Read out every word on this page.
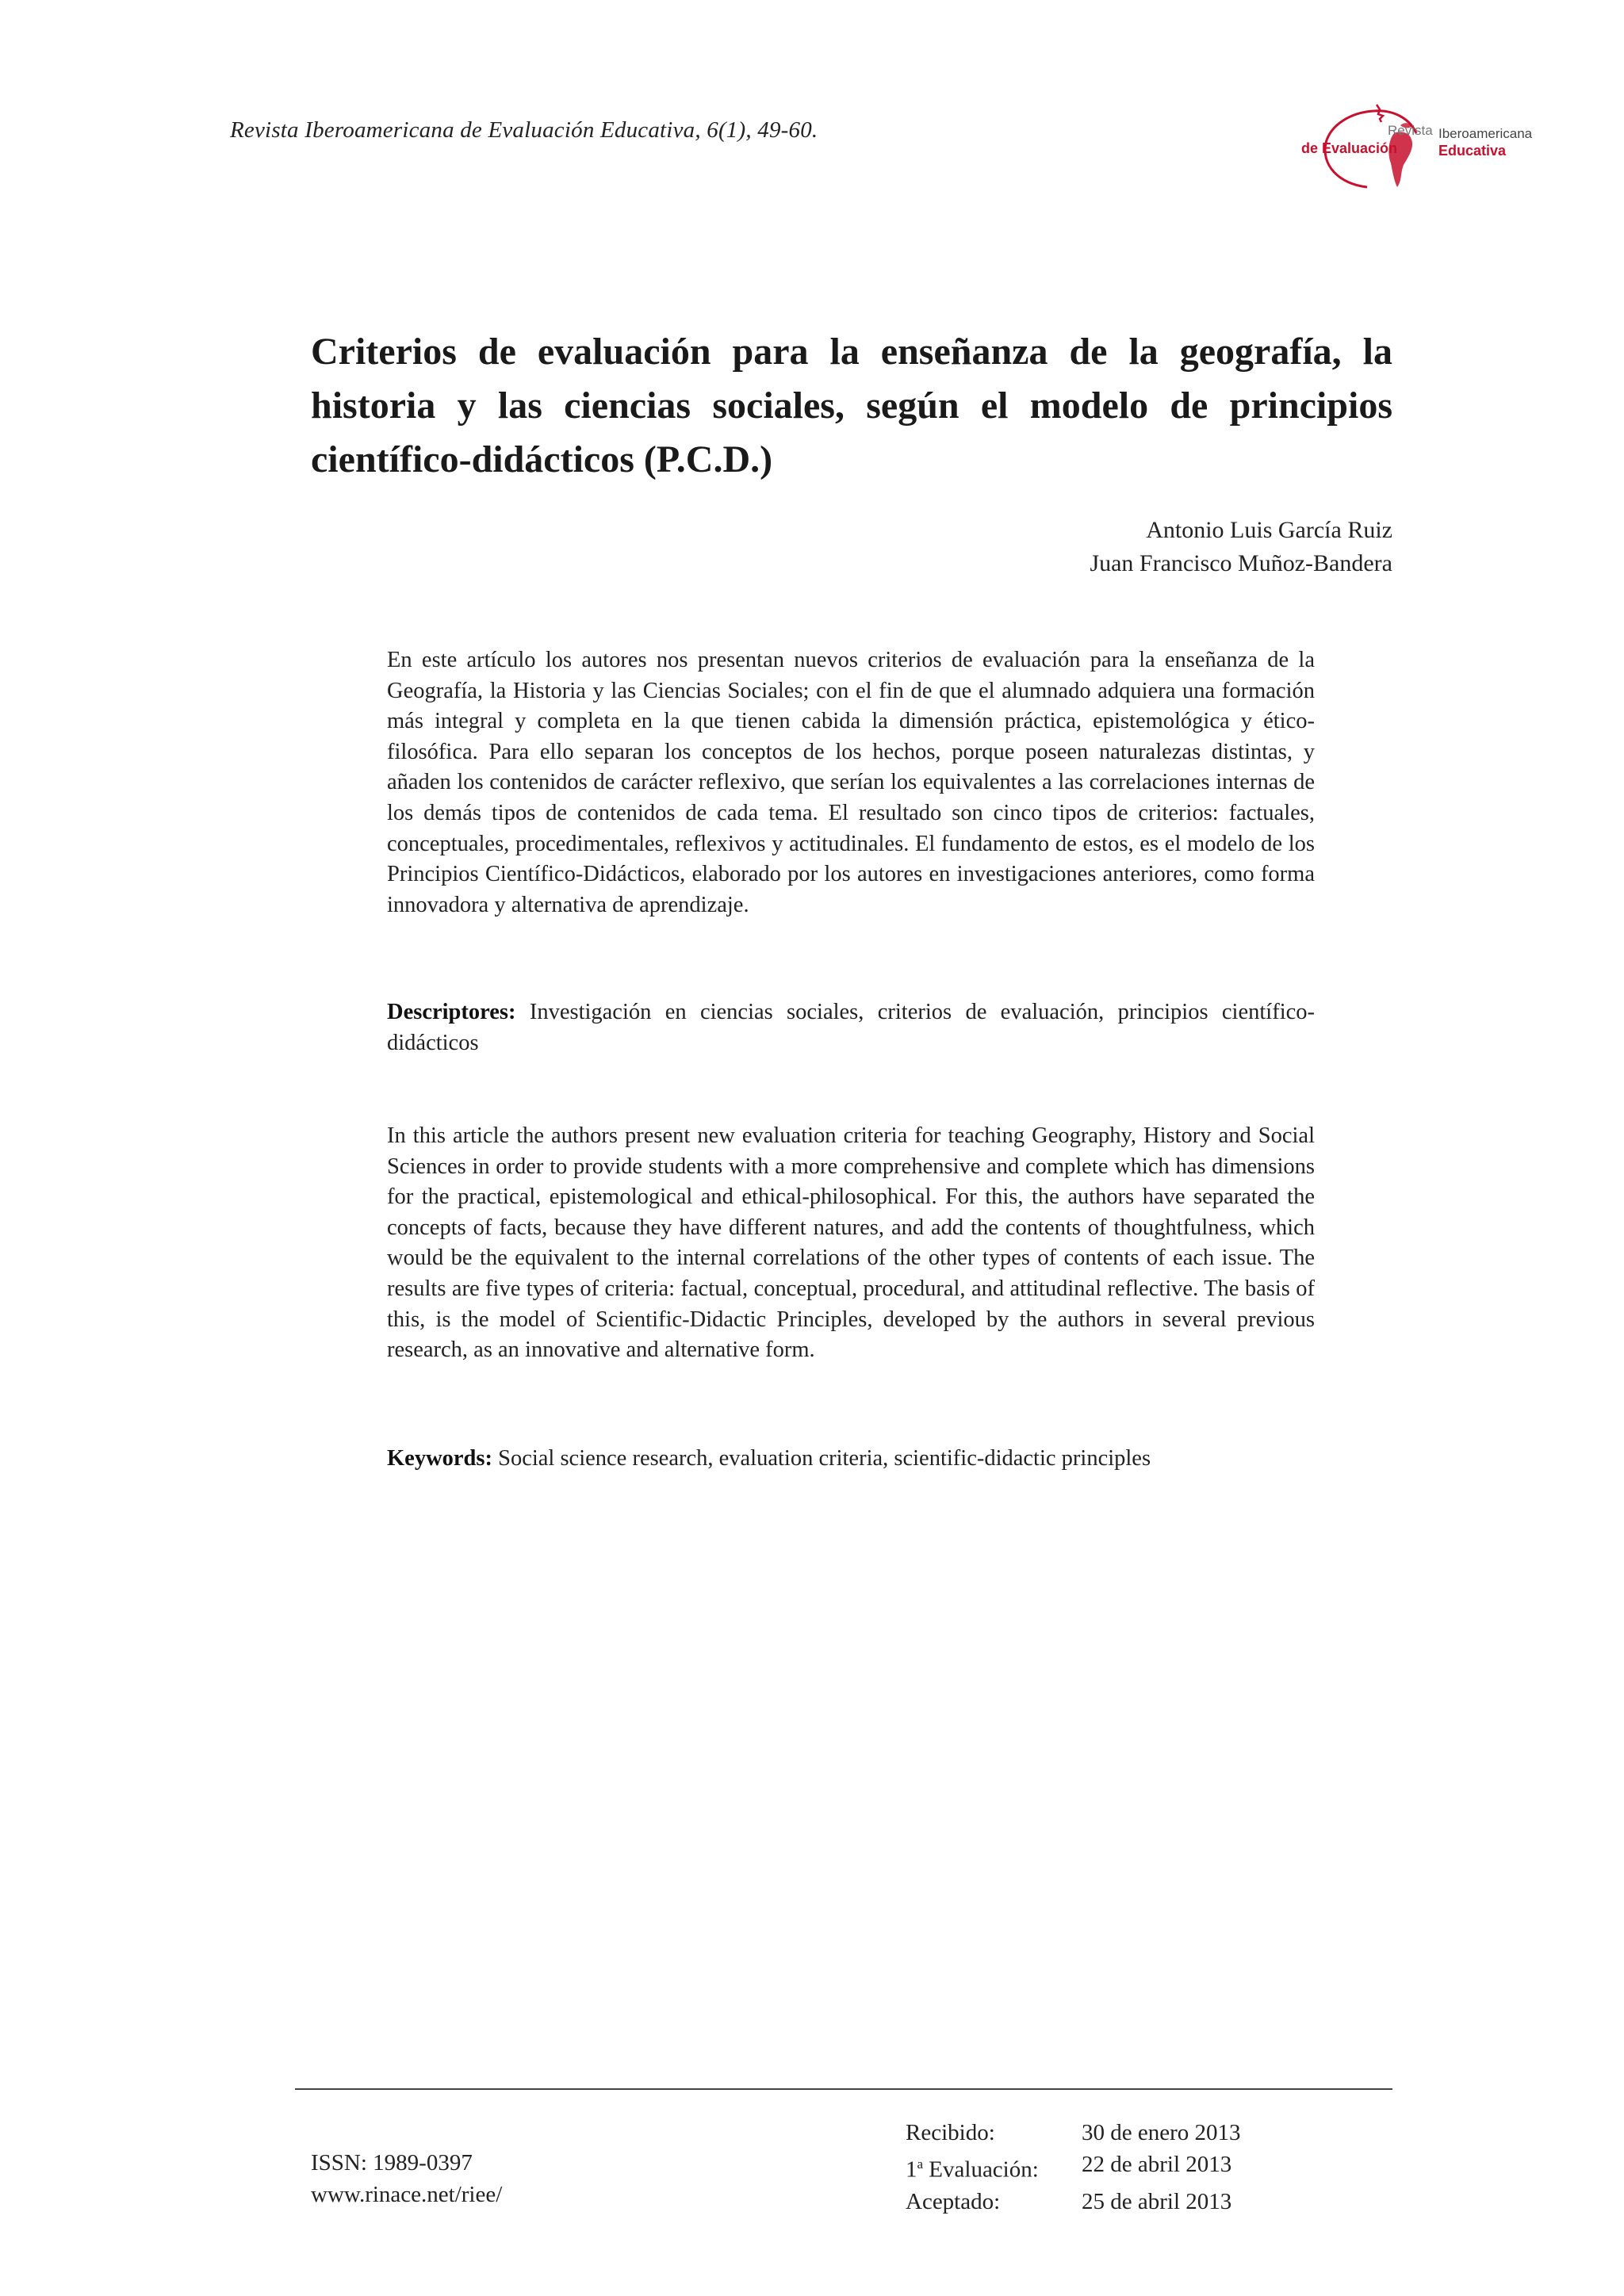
Revista Iberoamericana de Evaluación Educativa, 6(1), 49-60.	Revista Iberoamericana
de Evaluación	Educativa
Criterios de evaluación para la enseñanza de la geografía, la historia y las ciencias sociales, según el modelo de principios científico-didácticos (P.C.D.)
Antonio Luis García Ruiz
Juan Francisco Muñoz-Bandera

En este artículo los autores nos presentan nuevos criterios de evaluación para la enseñanza de la Geografía, la Historia y las Ciencias Sociales; con el fin de que el alumnado adquiera una formación más integral y completa en la que tienen cabida la dimensión práctica, epistemológica y ético-filosófica. Para ello separan los conceptos de los hechos, porque poseen naturalezas distintas, y añaden los contenidos de carácter reflexivo, que serían los equivalentes a las correlaciones internas de los demás tipos de contenidos de cada tema. El resultado son cinco tipos de criterios: factuales, conceptuales, procedimentales, reflexivos y actitudinales. El fundamento de estos, es el modelo de los Principios Científico-Didácticos, elaborado por los autores en investigaciones anteriores, como forma innovadora y alternativa de aprendizaje.

Descriptores: Investigación en ciencias sociales, criterios de evaluación, principios científico-didácticos

In this article the authors present new evaluation criteria for teaching Geography, History and Social Sciences in order to provide students with a more comprehensive and complete which has dimensions for the practical, epistemological and ethical-philosophical. For this, the authors have separated the concepts of facts, because they have different natures, and add the contents of thoughtfulness, which would be the equivalent to the internal correlations of the other types of contents of each issue. The results are five types of criteria: factual, conceptual, procedural, and attitudinal reflective. The basis of this, is the model of Scientific-Didactic Principles, developed by the authors in several previous research, as an innovative and alternative form.

Keywords: Social science research, evaluation criteria, scientific-didactic principles

ISSN: 1989-0397
www.rinace.net/riee/
Recibido:	30 de enero 2013
1$^a$ Evaluación:	22 de abril 2013
Aceptado:	25 de abril 2013
